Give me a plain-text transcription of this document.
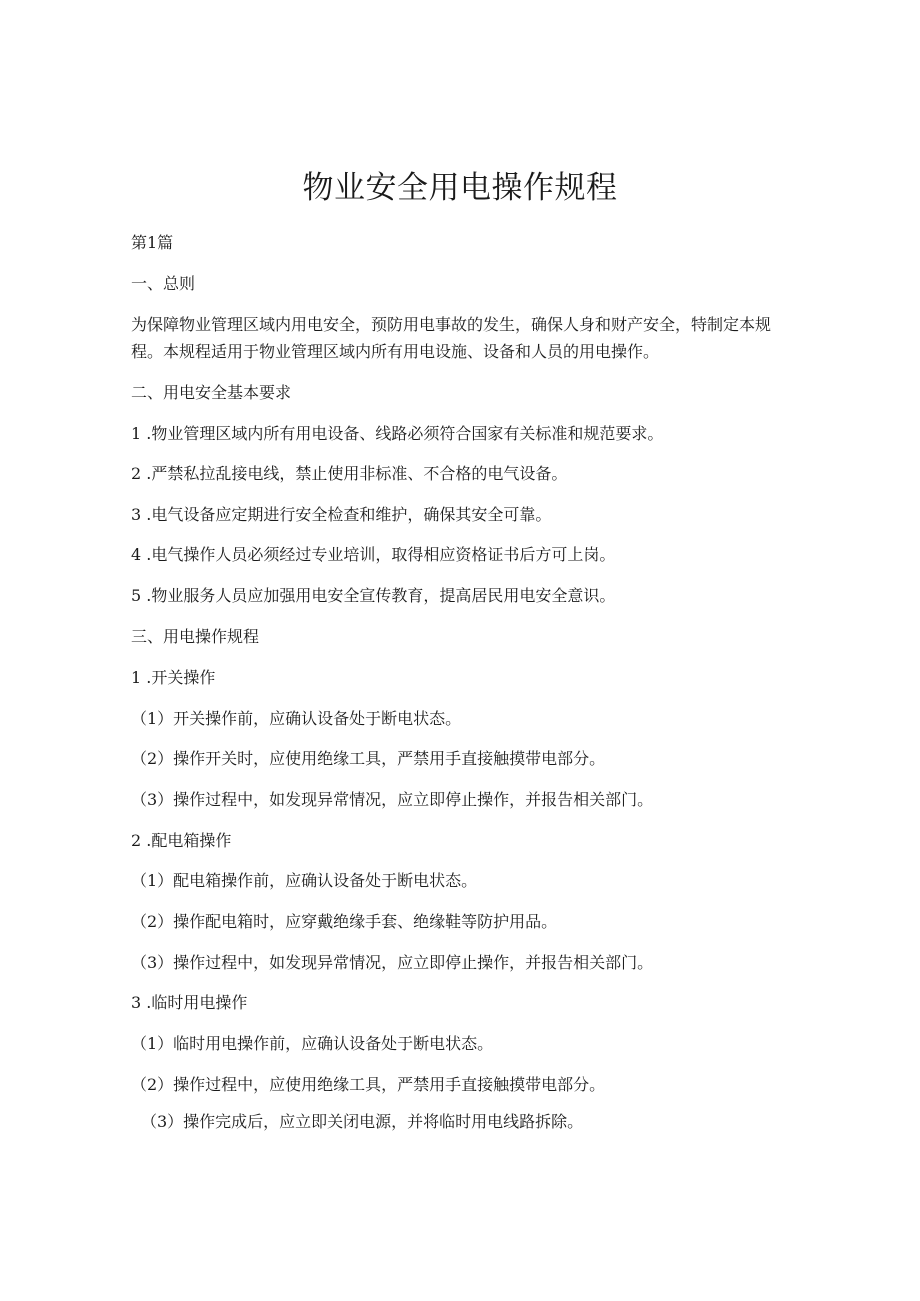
物业安全用电操作规程
第1篇
一、总则
为保障物业管理区域内用电安全，预防用电事故的发生，确保人身和财产安全，特制定本规程。本规程适用于物业管理区域内所有用电设施、设备和人员的用电操作。
二、用电安全基本要求
1 .物业管理区域内所有用电设备、线路必须符合国家有关标准和规范要求。
2 .严禁私拉乱接电线，禁止使用非标准、不合格的电气设备。
3 .电气设备应定期进行安全检查和维护，确保其安全可靠。
4 .电气操作人员必须经过专业培训，取得相应资格证书后方可上岗。
5 .物业服务人员应加强用电安全宣传教育，提高居民用电安全意识。
三、用电操作规程
1 .开关操作
（1）开关操作前，应确认设备处于断电状态。
（2）操作开关时，应使用绝缘工具，严禁用手直接触摸带电部分。
（3）操作过程中，如发现异常情况，应立即停止操作，并报告相关部门。
2 .配电箱操作
（1）配电箱操作前，应确认设备处于断电状态。
（2）操作配电箱时，应穿戴绝缘手套、绝缘鞋等防护用品。
（3）操作过程中，如发现异常情况，应立即停止操作，并报告相关部门。
3 .临时用电操作
（1）临时用电操作前，应确认设备处于断电状态。
（2）操作过程中，应使用绝缘工具，严禁用手直接触摸带电部分。
（3）操作完成后，应立即关闭电源，并将临时用电线路拆除。
